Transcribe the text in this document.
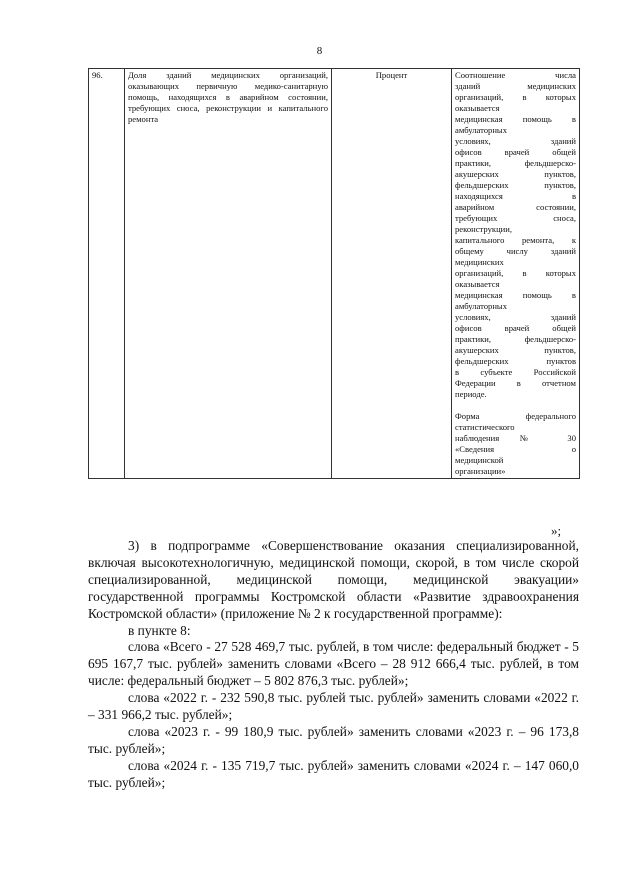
8
96.	Доля зданий медицинских организаций, оказывающих первичную медико-санитарную помощь, находящихся в аварийном состоянии, требующих сноса, реконструкции и капитального ремонта	Процент	Соотношение числа

зданий медицинских

организаций, в которых

оказывается

медицинская помощь в

амбулаторных

условиях, зданий

офисов врачей общей

практики, фельдшерско-

акушерских пунктов,

фельдшерских пунктов,

находящихся в

аварийном состоянии,

требующих сноса,

реконструкции,

капитального ремонта, к

общему числу зданий

медицинских

организаций, в которых

оказывается

медицинская помощь в

амбулаторных

условиях, зданий

офисов врачей общей

практики, фельдшерско-

акушерских пунктов,

фельдшерских пунктов

в субъекте Российской

Федерации в отчетном

периоде.

Форма федерального

статистического

наблюдения № 30

«Сведения о

медицинской

организации»

»;

3) в подпрограмме «Совершенствование оказания специализированной, включая высокотехнологичную, медицинской помощи, скорой, в том числе скорой специализированной, медицинской помощи, медицинской эвакуации» государственной программы Костромской области «Развитие здравоохранения Костромской области» (приложение № 2 к государственной программе):

в пункте 8:

слова «Всего - 27 528 469,7 тыс. рублей, в том числе: федеральный бюджет - 5 695 167,7 тыс. рублей» заменить словами «Всего – 28 912 666,4 тыс. рублей, в том числе: федеральный бюджет – 5 802 876,3 тыс. рублей»;

слова «2022 г. - 232 590,8 тыс. рублей тыс. рублей» заменить словами «2022 г. – 331 966,2 тыс. рублей»;

слова «2023 г. - 99 180,9 тыс. рублей» заменить словами «2023 г. – 96 173,8 тыс. рублей»;

слова «2024 г. - 135 719,7 тыс. рублей» заменить словами «2024 г. – 147 060,0 тыс. рублей»;
